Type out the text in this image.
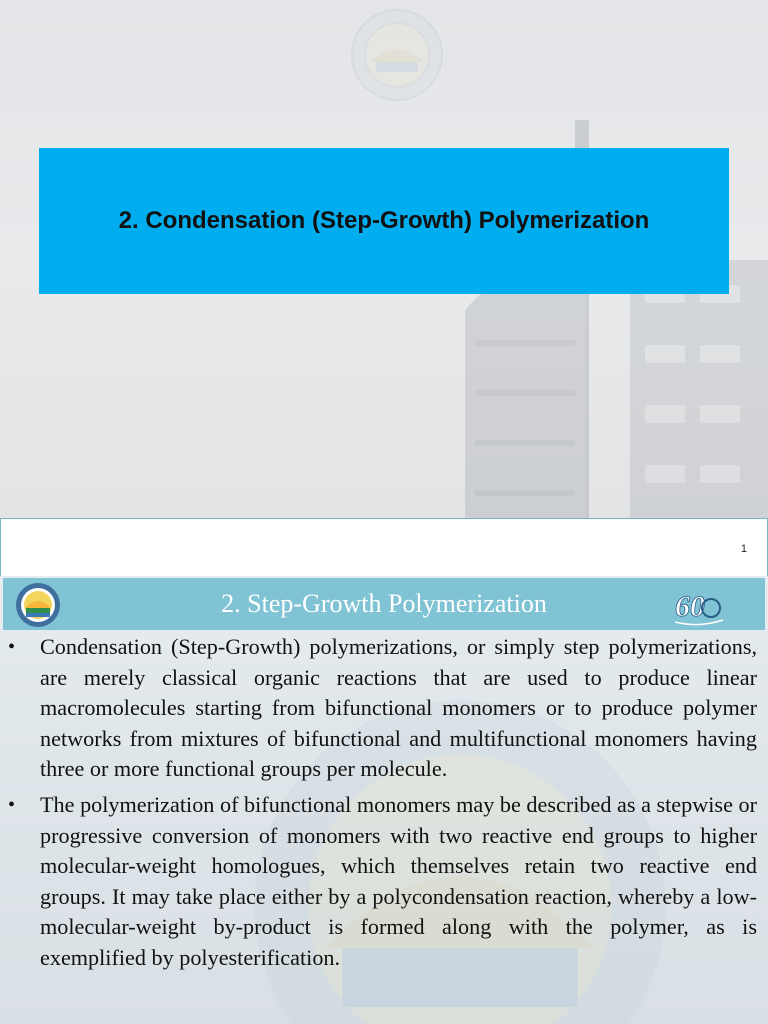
2. Condensation (Step-Growth) Polymerization
1
2. Step-Growth Polymerization	60
• Condensation (Step-Growth) polymerizations, or simply step polymerizations, are merely classical organic reactions that are used to produce linear macromolecules starting from bifunctional monomers or to produce polymer networks from mixtures of bifunctional and multifunctional monomers having three or more functional groups per molecule.
• The polymerization of bifunctional monomers may be described as a stepwise or progressive conversion of monomers with two reactive end groups to higher molecular-weight homologues, which themselves retain two reactive end groups. It may take place either by a polycondensation reaction, whereby a low-molecular-weight by-product is formed along with the polymer, as is exemplified by polyesterification.
